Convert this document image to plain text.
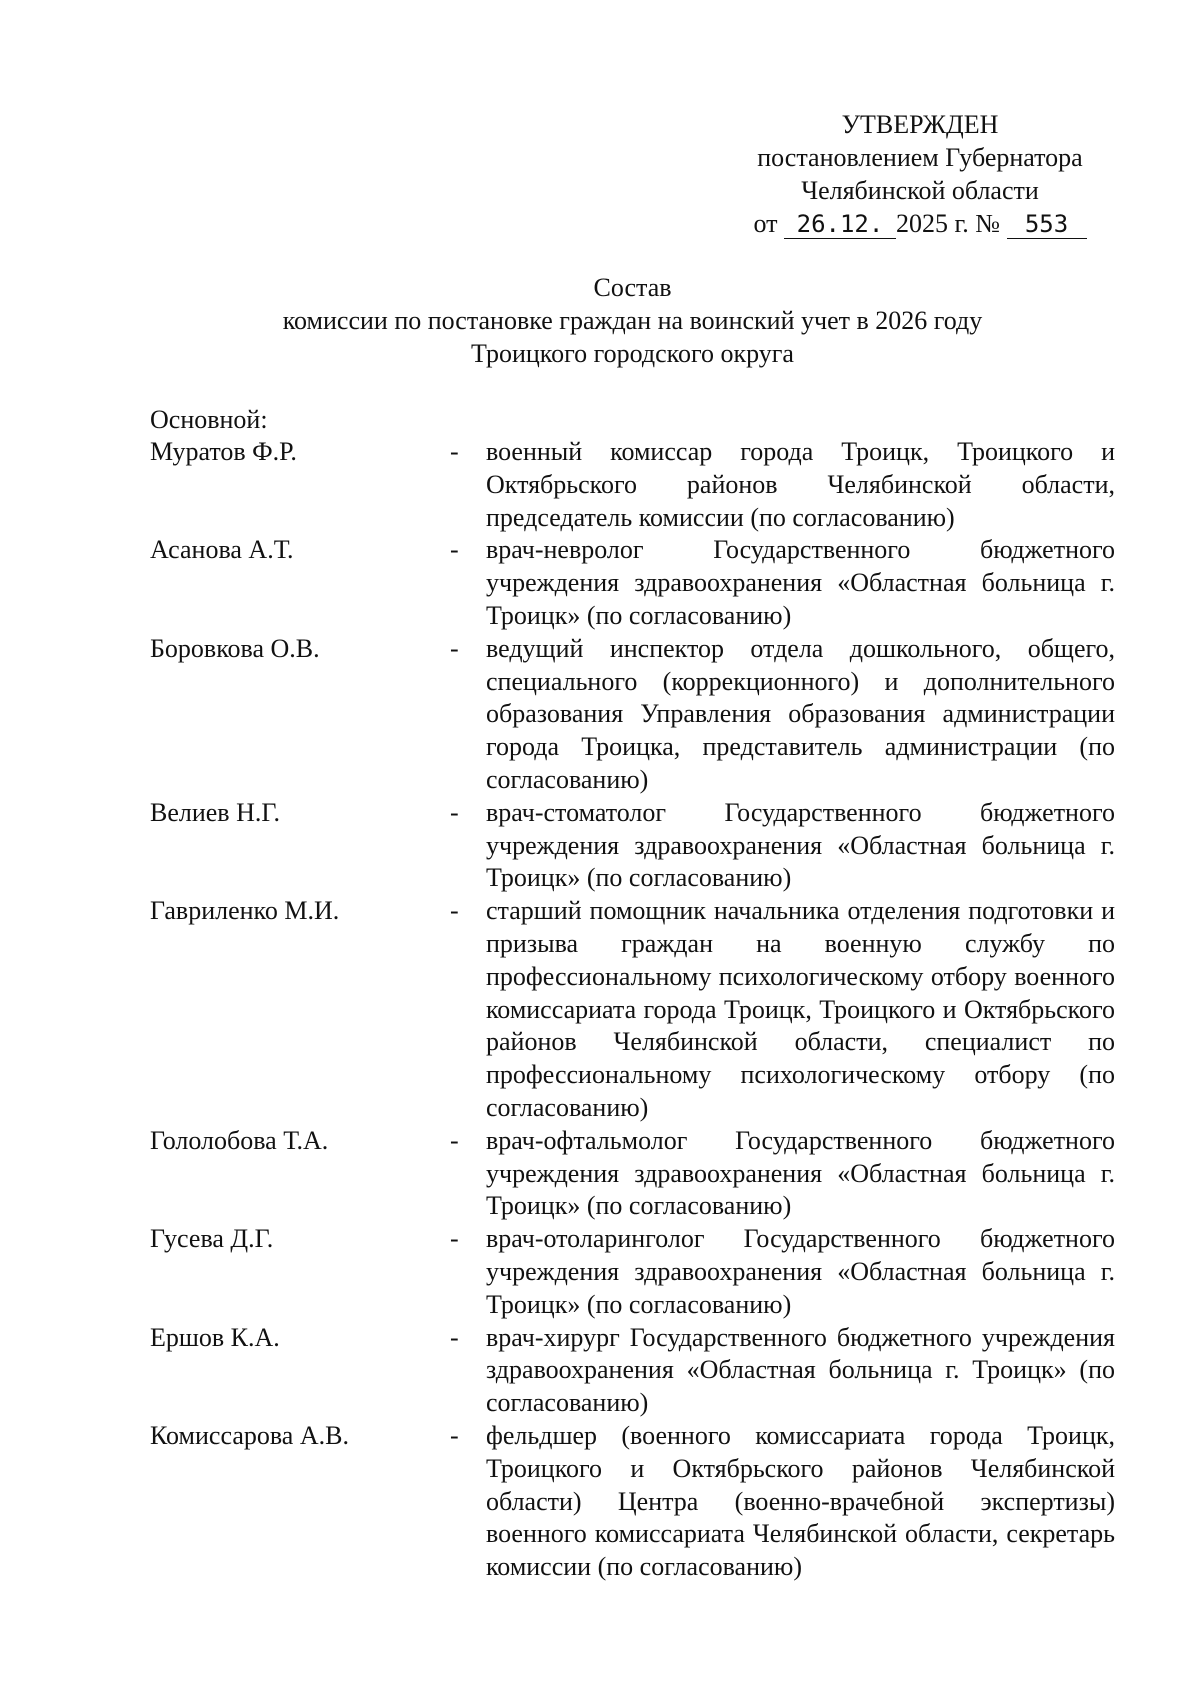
УТВЕРЖДЕН
постановлением Губернатора
Челябинской области
от 26.12. 2025 г. № 553
Состав
комиссии по постановке граждан на воинский учет в 2026 году
Троицкого городского округа
Основной:
Муратов Ф.Р.	-	военный комиссар города Троицк, Троицкого и Октябрьского районов Челябинской области, председатель комиссии (по согласованию)
Асанова А.Т.	-	врач-невролог Государственного бюджетного учреждения здравоохранения «Областная больница г. Троицк» (по согласованию)
Боровкова О.В.	-	ведущий инспектор отдела дошкольного, общего, специального (коррекционного) и дополнительного образования Управления образования администрации города Троицка, представитель администрации (по согласованию)
Велиев Н.Г.	-	врач-стоматолог Государственного бюджетного учреждения здравоохранения «Областная больница г. Троицк» (по согласованию)
Гавриленко М.И.	-	старший помощник начальника отделения подготовки и призыва граждан на военную службу по профессиональному психологическому отбору военного комиссариата города Троицк, Троицкого и Октябрьского районов Челябинской области, специалист по профессиональному психологическому отбору (по согласованию)
Гололобова Т.А.	-	врач-офтальмолог Государственного бюджетного учреждения здравоохранения «Областная больница г. Троицк» (по согласованию)
Гусева Д.Г.	-	врач-отоларинголог Государственного бюджетного учреждения здравоохранения «Областная больница г. Троицк» (по согласованию)
Ершов К.А.	-	врач-хирург Государственного бюджетного учреждения здравоохранения «Областная больница г. Троицк» (по согласованию)
Комиссарова А.В.	-	фельдшер (военного комиссариата города Троицк, Троицкого и Октябрьского районов Челябинской области) Центра (военно-врачебной экспертизы) военного комиссариата Челябинской области, секретарь комиссии (по согласованию)
